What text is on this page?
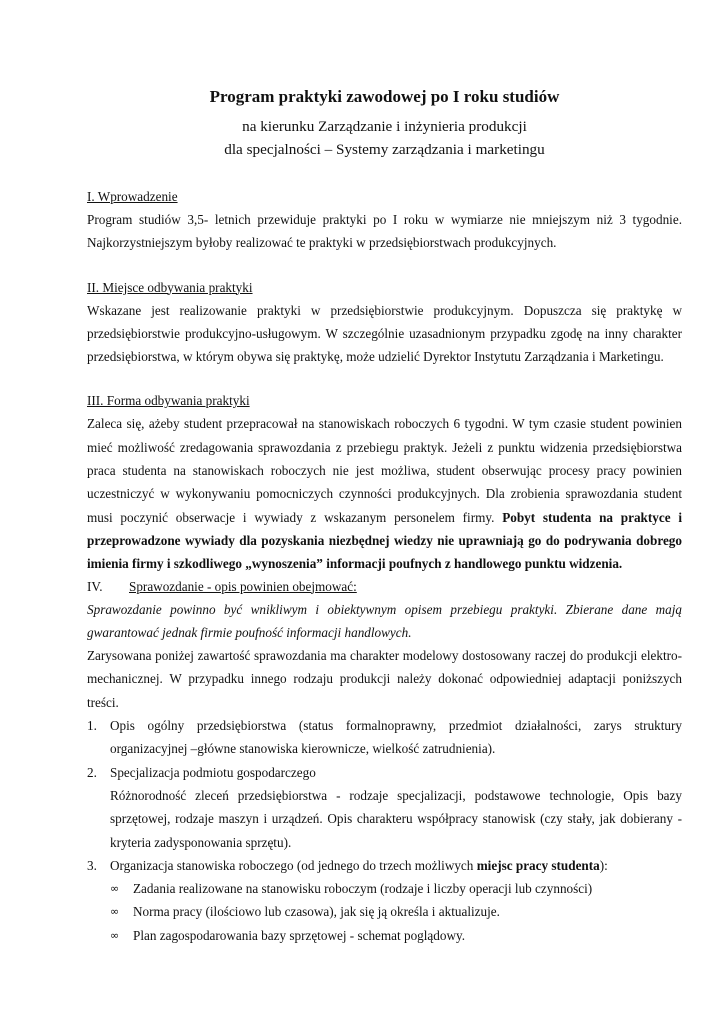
Program praktyki zawodowej po I roku studiów

na kierunku Zarządzanie i inżynieria produkcji

dla specjalności – Systemy zarządzania i marketingu

I. Wprowadzenie

Program studiów 3,5- letnich przewiduje praktyki po I roku w wymiarze nie mniejszym niż 3 tygodnie.

Najkorzystniejszym byłoby realizować te praktyki w przedsiębiorstwach produkcyjnych.

II. Miejsce odbywania praktyki

Wskazane jest realizowanie praktyki w przedsiębiorstwie produkcyjnym. Dopuszcza się praktykę w przedsiębiorstwie produkcyjno-usługowym. W szczególnie uzasadnionym przypadku zgodę na inny charakter przedsiębiorstwa, w którym obywa się praktykę, może udzielić Dyrektor Instytutu Zarządzania i Marketingu.

III. Forma odbywania praktyki

Zaleca się, ażeby student przepracował na stanowiskach roboczych 6 tygodni. W tym czasie student powinien mieć możliwość zredagowania sprawozdania z przebiegu praktyk. Jeżeli z punktu widzenia przedsiębiorstwa praca studenta na stanowiskach roboczych nie jest możliwa, student obserwując procesy pracy powinien uczestniczyć w wykonywaniu pomocniczych czynności produkcyjnych. Dla zrobienia sprawozdania student musi poczynić obserwacje i wywiady z wskazanym personelem firmy. Pobyt studenta na praktyce i przeprowadzone wywiady dla pozyskania niezbędnej wiedzy nie uprawniają go do podrywania dobrego imienia firmy i szkodliwego „wynoszenia” informacji poufnych z handlowego punktu widzenia.

IV.	Sprawozdanie - opis powinien obejmować:

Sprawozdanie powinno być wnikliwym i obiektywnym opisem przebiegu praktyki. Zbierane dane mają gwarantować jednak firmie poufność informacji handlowych.

Zarysowana poniżej zawartość sprawozdania ma charakter modelowy dostosowany raczej do produkcji elektro-mechanicznej. W przypadku innego rodzaju produkcji należy dokonać odpowiedniej adaptacji poniższych treści.

1. Opis ogólny przedsiębiorstwa (status formalnoprawny, przedmiot działalności, zarys struktury organizacyjnej –główne stanowiska kierownicze, wielkość zatrudnienia).
2. Specjalizacja podmiotu gospodarczego
Różnorodność zleceń przedsiębiorstwa - rodzaje specjalizacji, podstawowe technologie, Opis bazy sprzętowej, rodzaje maszyn i urządzeń. Opis charakteru współpracy stanowisk (czy stały, jak dobierany - kryteria zadysponowania sprzętu).
3. Organizacja stanowiska roboczego (od jednego do trzech możliwych miejsc pracy studenta):
∞ Zadania realizowane na stanowisku roboczym (rodzaje i liczby operacji lub czynności)
∞ Norma pracy (ilościowo lub czasowa), jak się ją określa i aktualizuje.
∞ Plan zagospodarowania bazy sprzętowej - schemat poglądowy.
